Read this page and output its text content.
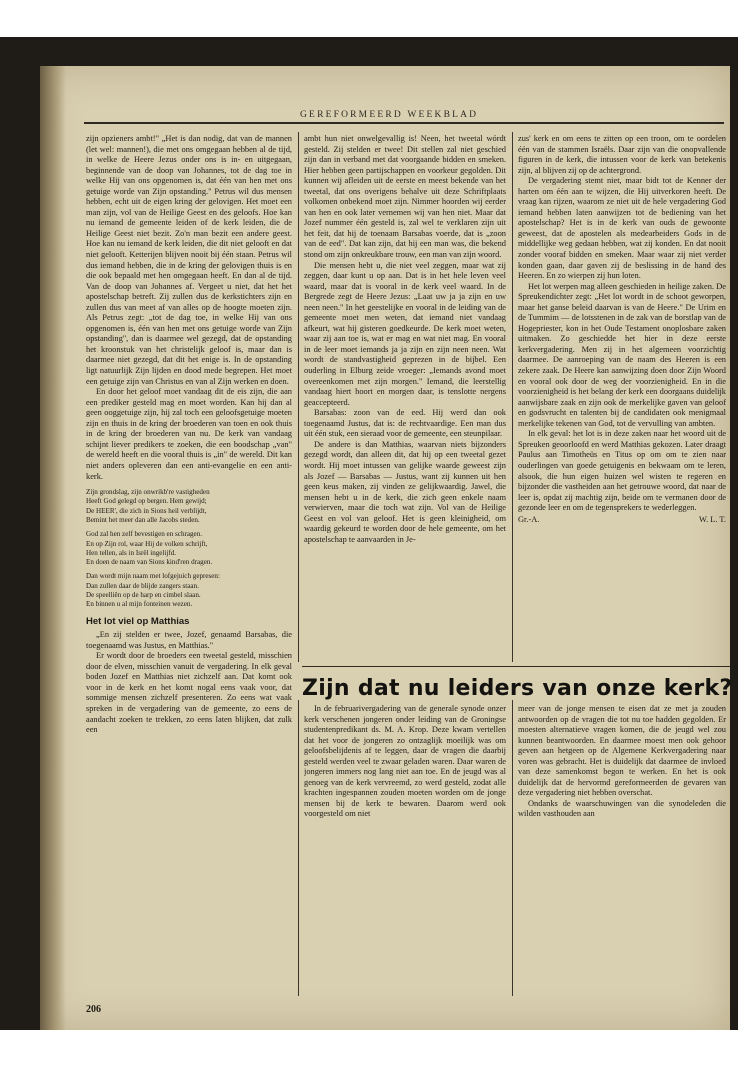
GEREFORMEERD WEEKBLAD

zijn opzieners ambt!" „Het is dan nodig, dat van de mannen (let wel: mannen!), die met ons omgegaan hebben al de tijd, in welke de Heere Jezus onder ons is in- en uitgegaan, beginnende van de doop van Johannes, tot de dag toe in welke Hij van ons opgenomen is, dat één van hen met ons getuige worde van Zijn opstanding." Petrus wil dus mensen hebben, echt uit de eigen kring der gelovigen. Het moet een man zijn, vol van de Heilige Geest en des geloofs. Hoe kan nu iemand de gemeente leiden of de kerk leiden, die de Heilige Geest niet bezit. Zo'n man bezit een andere geest. Hoe kan nu iemand de kerk leiden, die dit niet gelooft en dat niet gelooft. Ketterijen blijven nooit bij één staan. Petrus wil dus iemand hebben, die in de kring der gelovigen thuis is en die ook bepaald met hen omgegaan heeft. En dan al de tijd. Van de doop van Johannes af. Vergeet u niet, dat het het apostelschap betreft. Zij zullen dus de kerkstichters zijn en zullen dus van meet af van alles op de hoogte moeten zijn. Als Petrus zegt: „tot de dag toe, in welke Hij van ons opgenomen is, één van hen met ons getuige worde van Zijn opstanding", dan is daarmee wel gezegd, dat de opstanding het kroonstuk van het christelijk geloof is, maar dan is daarmee niet gezegd, dat dit het enige is. In de opstanding ligt natuurlijk Zijn lijden en dood mede begrepen. Het moet een getuige zijn van Christus en van al Zijn werken en doen.

En door het geloof moet vandaag dit de eis zijn, die aan een prediker gesteld mag en moet worden. Kan hij dan al geen ooggetuige zijn, hij zal toch een geloofsgetuige moeten zijn en thuis in de kring der broederen van toen en ook thuis in de kring der broederen van nu. De kerk van vandaag schijnt liever predikers te zoeken, die een boodschap „van" de wereld heeft en die vooral thuis is „in" de wereld. Dit kan niet anders opleveren dan een anti-evangelie en een anti-kerk.

Zijn grondslag, zijn onwrikb're vastigheden
Heeft God gelegd op bergen. Hem gewijd;
De HEER', die zich in Sions heil verblijdt,
Bemint het meer dan alle Jacobs steden.
God zal hen zelf bevestigen en schragen.
En op Zijn rol, waar Hij de volken schrijft,
Hen tellen, als in Isrël ingelijfd.
En doen de naam van Sions kind'ren dragen.
Dan wordt mijn naam met lofgejuich gepresen:
Dan zullen daar de blijde zangers staan.
De speelliên op de harp en cimbel slaan.
En binnen u al mijn fonteinen wezen.
Het lot viel op Matthias

„En zij stelden er twee, Jozef, genaamd Barsabas, die toegenaamd was Justus, en Matthias."

Er wordt door de broeders een tweetal gesteld, misschien door de elven, misschien vanuit de vergadering. In elk geval boden Jozef en Matthias niet zichzelf aan. Dat komt ook voor in de kerk en het komt nogal eens vaak voor, dat sommige mensen zichzelf presenteren. Zo eens wat vaak spreken in de vergadering van de gemeente, zo eens de aandacht zoeken te trekken, zo eens laten blijken, dat zulk een

ambt hun niet onwelgevallig is! Neen, het tweetal wórdt gesteld. Zij stelden er twee! Dit stellen zal niet geschied zijn dan in verband met dat voorgaande bidden en smeken. Hier hebben geen partijschappen en voorkeur gegolden. Dit kunnen wij afleiden uit de eerste en meest bekende van het tweetal, dat ons overigens behalve uit deze Schriftplaats volkomen onbekend moet zijn. Nimmer hoorden wij eerder van hen en ook later vernemen wij van hen niet. Maar dat Jozef nummer één gesteld is, zal wel te verklaren zijn uit het feit, dat hij de toenaam Barsabas voerde, dat is „zoon van de eed". Dat kan zijn, dat hij een man was, die bekend stond om zijn onkreukbare trouw, een man van zijn woord.

Die mensen hebt u, die niet veel zeggen, maar wat zij zeggen, daar kunt u op aan. Dat is in het hele leven veel waard, maar dat is vooral in de kerk veel waard. In de Bergrede zegt de Heere Jezus: „Laat uw ja ja zijn en uw neen neen." In het geestelijke en vooral in de leiding van de gemeente moet men weten, dat iemand niet vandaag afkeurt, wat hij gisteren goedkeurde. De kerk moet weten, waar zij aan toe is, wat er mag en wat niet mag. En vooral in de leer moet iemands ja ja zijn en zijn neen neen. Wat wordt de standvastigheid geprezen in de bijbel. Een ouderling in Elburg zeide vroeger: „Iemands avond moet overeenkomen met zijn morgen." Iemand, die leerstellig vandaag hiert hoort en morgen daar, is tenslotte nergens geaccepteerd.

Barsabas: zoon van de eed. Hij werd dan ook toegenaamd Justus, dat is: de rechtvaardige. Een man dus uit één stuk, een sieraad voor de gemeente, een steunpilaar.

De andere is dan Matthias, waarvan niets bijzonders gezegd wordt, dan alleen dit, dat hij op een tweetal gezet wordt. Hij moet intussen van gelijke waarde geweest zijn als Jozef — Barsabas — Justus, want zij kunnen uit hen geen keus maken, zij vinden ze gelijkwaardig. Jawel, die mensen hebt u in de kerk, die zich geen enkele naam verwierven, maar die toch wat zijn. Vol van de Heilige Geest en vol van geloof. Het is geen kleinigheid, om waardig gekeurd te worden door de hele gemeente, om het apostelschap te aanvaarden in Je-

zus' kerk en om eens te zitten op een troon, om te oordelen één van de stammen Israëls. Daar zijn van die onopvallende figuren in de kerk, die intussen voor de kerk van betekenis zijn, al blijven zij op de achtergrond.

De vergadering stemt niet, maar bidt tot de Kenner der harten om één aan te wijzen, die Hij uitverkoren heeft. De vraag kan rijzen, waarom ze niet uit de hele vergadering God iemand hebben laten aanwijzen tot de bediening van het apostelschap? Het is in de kerk van ouds de gewoonte geweest, dat de apostelen als medearbeiders Gods in de middellijke weg gedaan hebben, wat zij konden. En dat nooit zonder vooraf bidden en smeken. Maar waar zij niet verder konden gaan, daar gaven zij de beslissing in de hand des Heeren. En zo wierpen zij hun loten.

Het lot werpen mag alleen geschieden in heilige zaken. De Spreukendichter zegt: „Het lot wordt in de schoot geworpen, maar het ganse beleid daarvan is van de Heere." De Urim en de Tummim — de lotsstenen in de zak van de borstlap van de Hogepriester, kon in het Oude Testament onoplosbare zaken uitmaken. Zo geschiedde het hier in deze eerste kerkvergadering. Men zij in het algemeen voorzichtig daarmee. De aanroeping van de naam des Heeren is een zekere zaak. De Heere kan aanwijzing doen door Zijn Woord en vooral ook door de weg der voorzienigheid. En in die voorzienigheid is het belang der kerk een doorgaans duidelijk aanwijsbare zaak en zijn ook de merkelijke gaven van geloof en godsvrucht en talenten bij de candidaten ook menigmaal merkelijke tekenen van God, tot de vervulling van ambten.

In elk geval: het lot is in deze zaken naar het woord uit de Spreuken geoorloofd en werd Matthias gekozen. Later draagt Paulus aan Timotheüs en Titus op om om te zien naar ouderlingen van goede getuigenis en bekwaam om te leren, alsook, die hun eigen huizen wel wisten te regeren en bijzonder die vastheiden aan het getrouwe woord, dat naar de leer is, opdat zij machtig zijn, beide om te vermanen door de gezonde leer en om de tegensprekers te wederleggen.

Gr.-A.	W. L. T.
Zijn dat nu leiders van onze kerk?

In de februarivergadering van de generale synode onzer kerk verschenen jongeren onder leiding van de Groningse studentenpredikant ds. M. A. Krop. Deze kwam vertellen dat het voor de jongeren zo ontzaglijk moeilijk was om geloofsbelijdenis af te leggen, daar de vragen die daarbij gesteld werden veel te zwaar geladen waren. Daar waren de jongeren immers nog lang niet aan toe. En de jeugd was al genoeg van de kerk vervreemd, zo werd gesteld, zodat alle krachten ingespannen zouden moeten worden om de jonge mensen bij de kerk te bewaren. Daarom werd ook voorgesteld om niet

meer van de jonge mensen te eisen dat ze met ja zouden antwoorden op de vragen die tot nu toe hadden gegolden. Er moesten alternatieve vragen komen, die de jeugd wel zou kunnen beantwoorden. En daarmee moest men ook gehoor geven aan hetgeen op de Algemene Kerkvergadering naar voren was gebracht. Het is duidelijk dat daarmee de invloed van deze samenkomst begon te werken. En het is ook duidelijk dat de hervormd gereformeerden de gevaren van deze vergadering niet hebben overschat.

Ondanks de waarschuwingen van die synodeleden die wilden vasthouden aan

206
